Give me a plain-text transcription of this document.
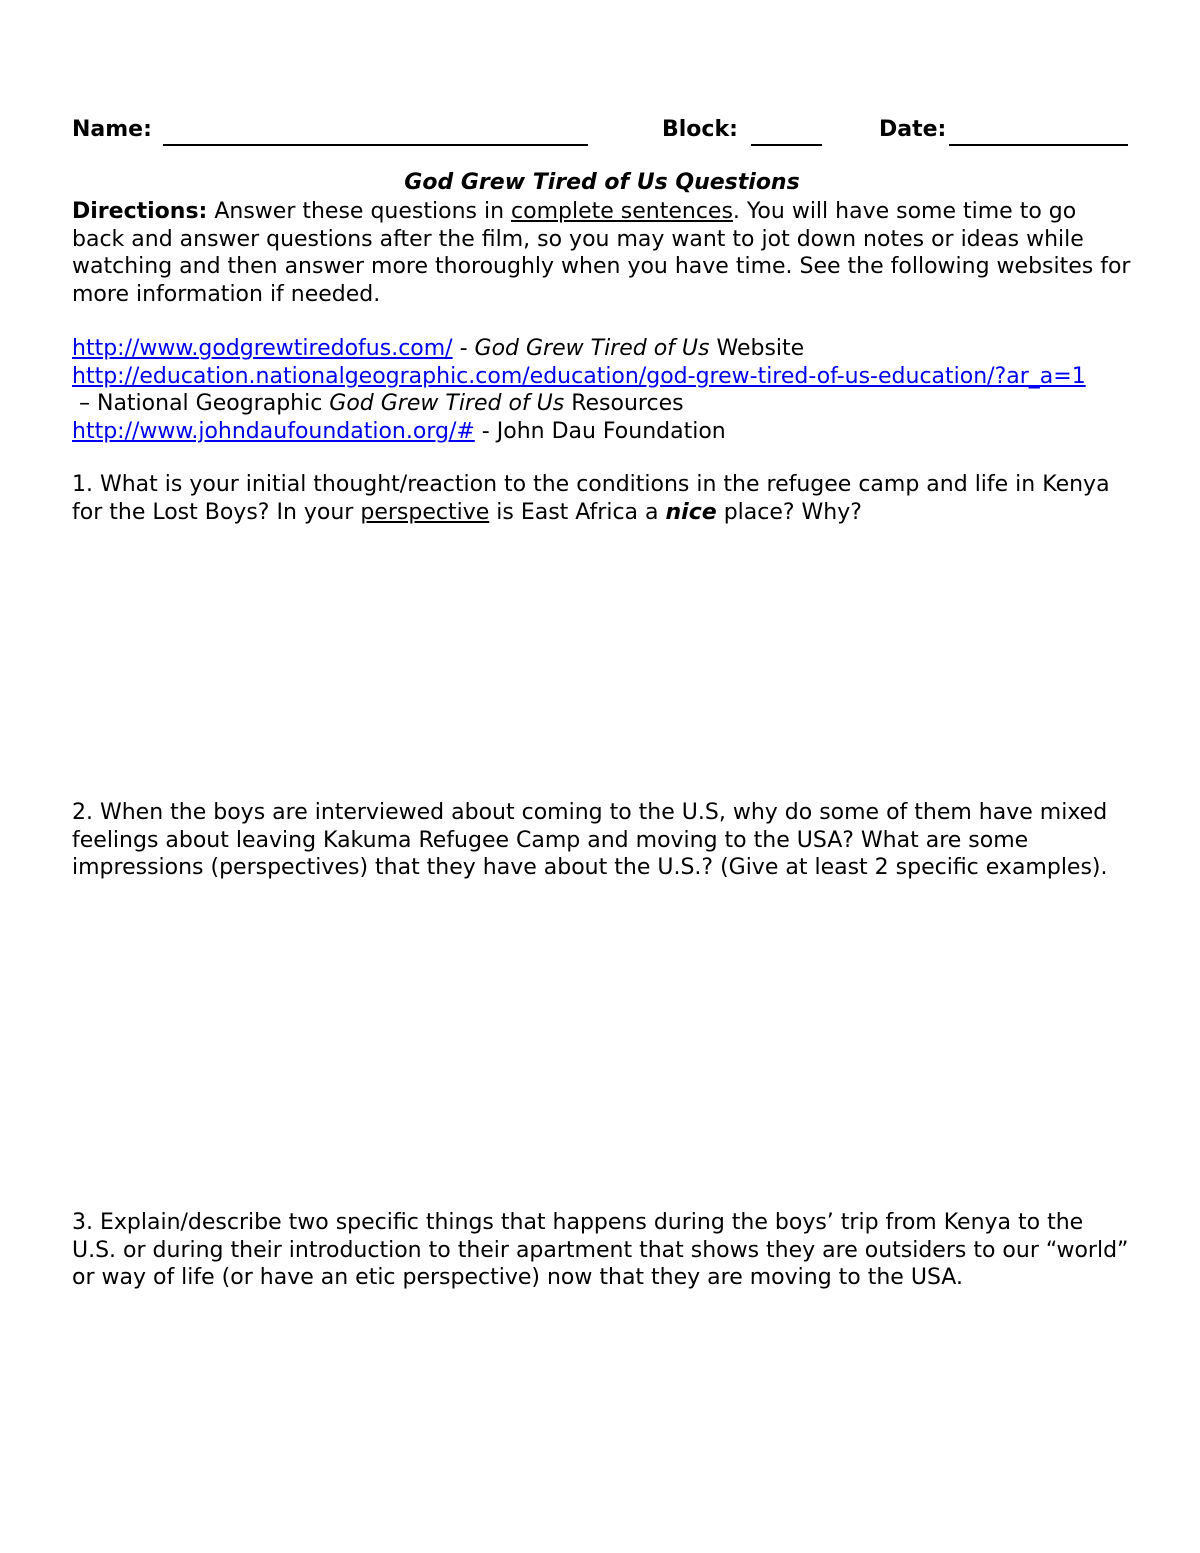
Name:	Block:	Date:
God Grew Tired of Us Questions
Directions: Answer these questions in complete sentences. You will have some time to go back and answer questions after the film, so you may want to jot down notes or ideas while watching and then answer more thoroughly when you have time. See the following websites for more information if needed.
http://www.godgrewtiredofus.com/ - God Grew Tired of Us Website
http://education.nationalgeographic.com/education/god-grew-tired-of-us-education/?ar_a=1 – National Geographic God Grew Tired of Us Resources
http://www.johndaufoundation.org/# - John Dau Foundation
1. What is your initial thought/reaction to the conditions in the refugee camp and life in Kenya for the Lost Boys? In your perspective is East Africa a nice place? Why?
2. When the boys are interviewed about coming to the U.S, why do some of them have mixed feelings about leaving Kakuma Refugee Camp and moving to the USA? What are some impressions (perspectives) that they have about the U.S.? (Give at least 2 specific examples).
3. Explain/describe two specific things that happens during the boys’ trip from Kenya to the U.S. or during their introduction to their apartment that shows they are outsiders to our “world” or way of life (or have an etic perspective) now that they are moving to the USA.
